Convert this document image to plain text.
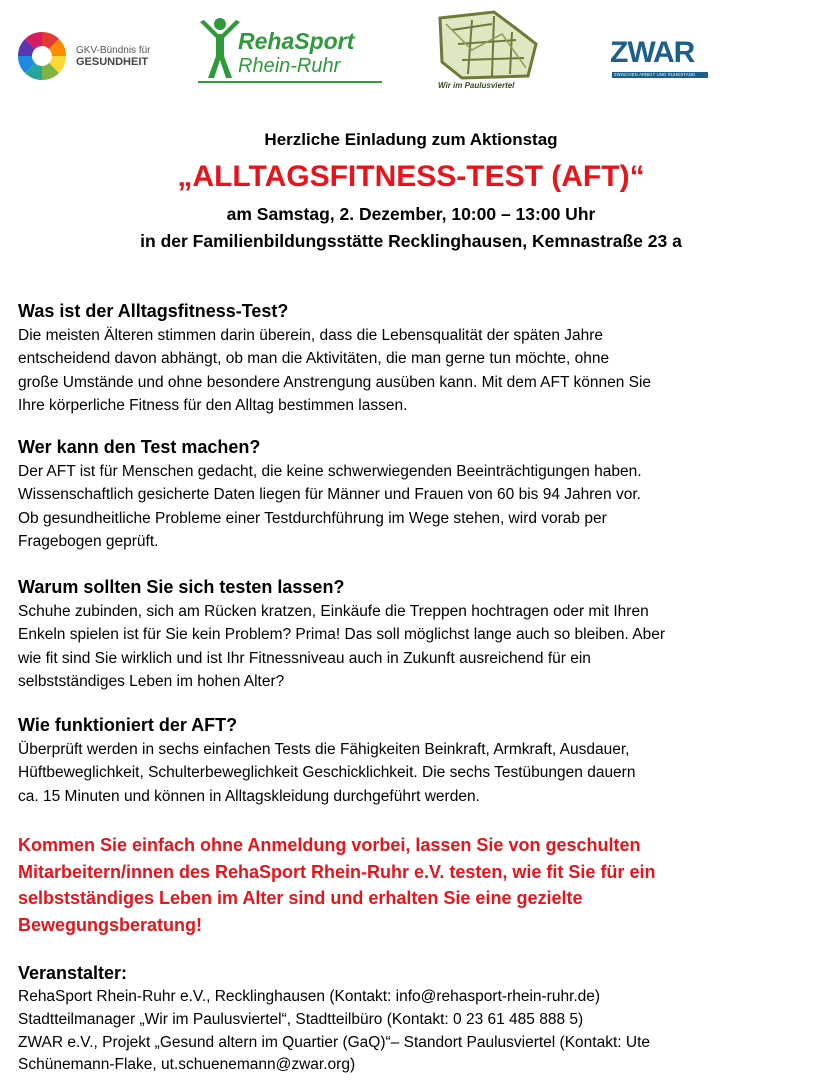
GKV-Bündnis für
GESUNDHEIT
RehaSport
Rhein-Ruhr
Wir im Paulusviertel
ZWAR
ZWISCHEN ARBEIT UND RUHESTAND
Herzliche Einladung zum Aktionstag
„ALLTAGSFITNESS-TEST (AFT)“
am Samstag, 2. Dezember, 10:00 – 13:00 Uhr
in der Familienbildungsstätte Recklinghausen, Kemnastraße 23 a
Was ist der Alltagsfitness-Test?

Die meisten Älteren stimmen darin überein, dass die Lebensqualität der späten Jahre

entscheidend davon abhängt, ob man die Aktivitäten, die man gerne tun möchte, ohne

große Umstände und ohne besondere Anstrengung ausüben kann. Mit dem AFT können Sie

Ihre körperliche Fitness für den Alltag bestimmen lassen.

Wer kann den Test machen?

Der AFT ist für Menschen gedacht, die keine schwerwiegenden Beeinträchtigungen haben.

Wissenschaftlich gesicherte Daten liegen für Männer und Frauen von 60 bis 94 Jahren vor.

Ob gesundheitliche Probleme einer Testdurchführung im Wege stehen, wird vorab per

Fragebogen geprüft.

Warum sollten Sie sich testen lassen?

Schuhe zubinden, sich am Rücken kratzen, Einkäufe die Treppen hochtragen oder mit Ihren

Enkeln spielen ist für Sie kein Problem? Prima! Das soll möglichst lange auch so bleiben. Aber

wie fit sind Sie wirklich und ist Ihr Fitnessniveau auch in Zukunft ausreichend für ein

selbstständiges Leben im hohen Alter?

Wie funktioniert der AFT?

Überprüft werden in sechs einfachen Tests die Fähigkeiten Beinkraft, Armkraft, Ausdauer,

Hüftbeweglichkeit, Schulterbeweglichkeit Geschicklichkeit. Die sechs Testübungen dauern

ca. 15 Minuten und können in Alltagskleidung durchgeführt werden.

Kommen Sie einfach ohne Anmeldung vorbei, lassen Sie von geschulten
Mitarbeitern/innen des RehaSport Rhein-Ruhr e.V. testen, wie fit Sie für ein
selbstständiges Leben im Alter sind und erhalten Sie eine gezielte
Bewegungsberatung!
Veranstalter:

RehaSport Rhein-Ruhr e.V., Recklinghausen (Kontakt: info@rehasport-rhein-ruhr.de)

Stadtteilmanager „Wir im Paulusviertel“, Stadtteilbüro (Kontakt: 0 23 61 485 888 5)

ZWAR e.V., Projekt „Gesund altern im Quartier (GaQ)“– Standort Paulusviertel (Kontakt: Ute

Schünemann-Flake, ut.schuenemann@zwar.org)
